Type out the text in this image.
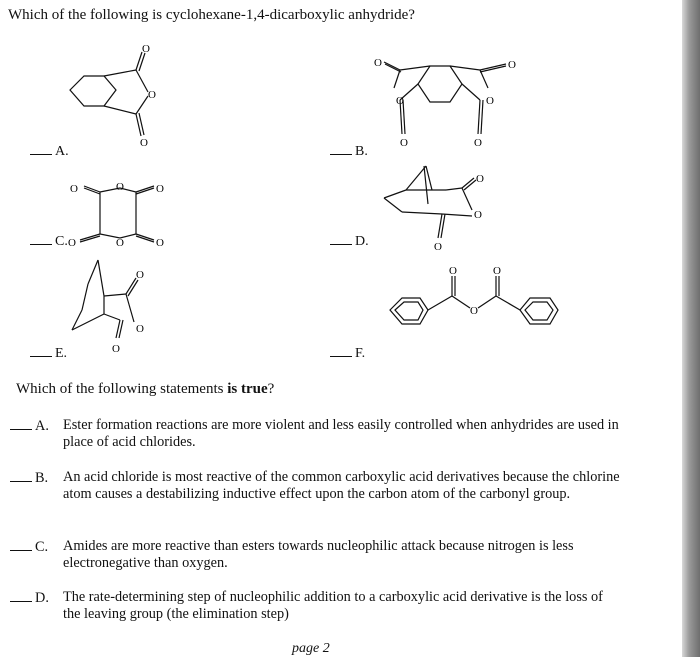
Which of the following is cyclohexane-1,4-dicarboxylic anhydride?
O
O
O
O
O
O
O
O
O
A.	B.
O	O	O
O	O	O
O
O
O
C.	D.
O
O
O
O
O
O
E.	F.
Which of the following statements is true?
A. Ester formation reactions are more violent and less easily controlled when anhydrides are used in place of acid chlorides.
B. An acid chloride is most reactive of the common carboxylic acid derivatives because the chlorine atom causes a destabilizing inductive effect upon the carbon atom of the carbonyl group.
C. Amides are more reactive than esters towards nucleophilic attack because nitrogen is less electronegative than oxygen.
D. The rate-determining step of nucleophilic addition to a carboxylic acid derivative is the loss of the leaving group (the elimination step)
page 2
